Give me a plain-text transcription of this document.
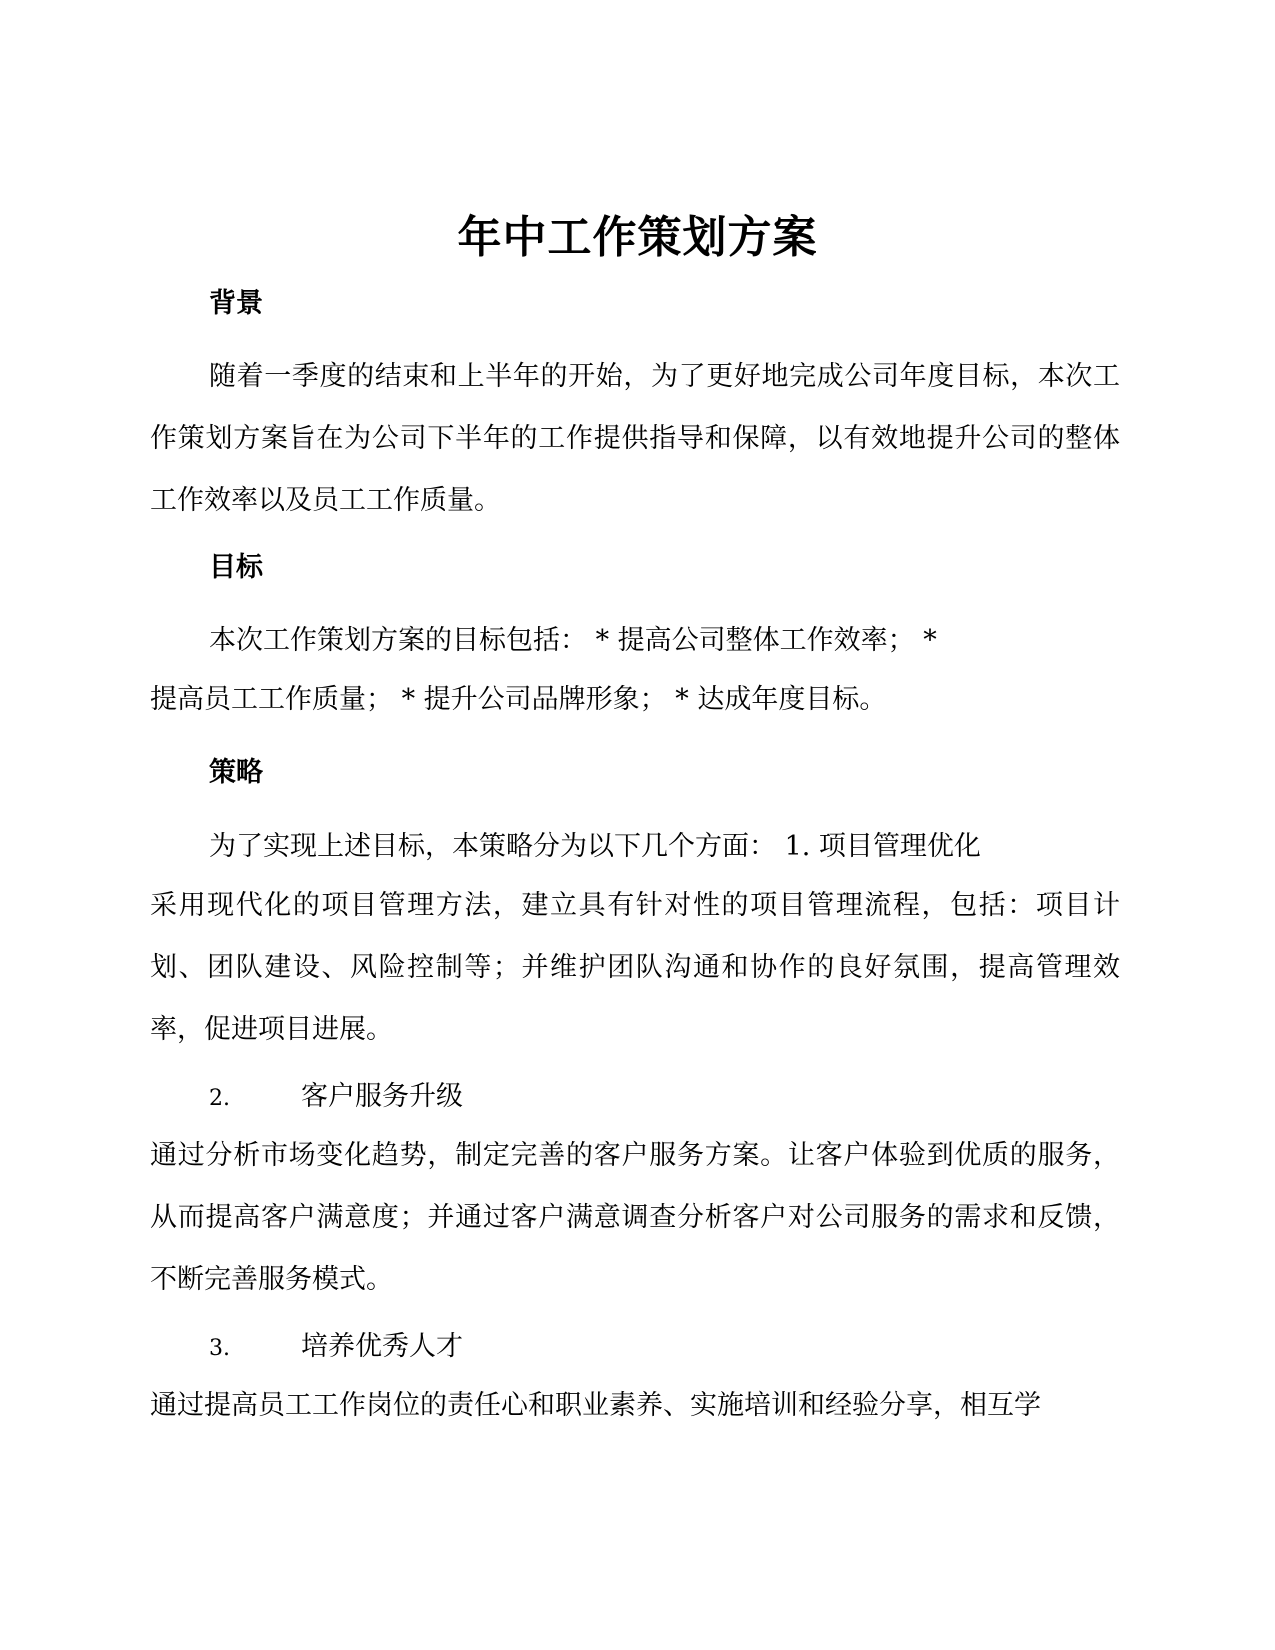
年中工作策划方案
背景

随着一季度的结束和上半年的开始，为了更好地完成公司年度目标，本次工作策划方案旨在为公司下半年的工作提供指导和保障，以有效地提升公司的整体工作效率以及员工工作质量。

目标
本次工作策划方案的目标包括： * 提高公司整体工作效率； *
提高员工工作质量； * 提升公司品牌形象； * 达成年度目标。
策略
为了实现上述目标，本策略分为以下几个方面： 1. 项目管理优化

采用现代化的项目管理方法，建立具有针对性的项目管理流程，包括：项目计划、团队建设、风险控制等；并维护团队沟通和协作的良好氛围，提高管理效率，促进项目进展。

2.	客户服务升级

通过分析市场变化趋势，制定完善的客户服务方案。让客户体验到优质的服务，从而提高客户满意度；并通过客户满意调查分析客户对公司服务的需求和反馈，不断完善服务模式。

3.	培养优秀人才
通过提高员工工作岗位的责任心和职业素养、实施培训和经验分享，相互学
